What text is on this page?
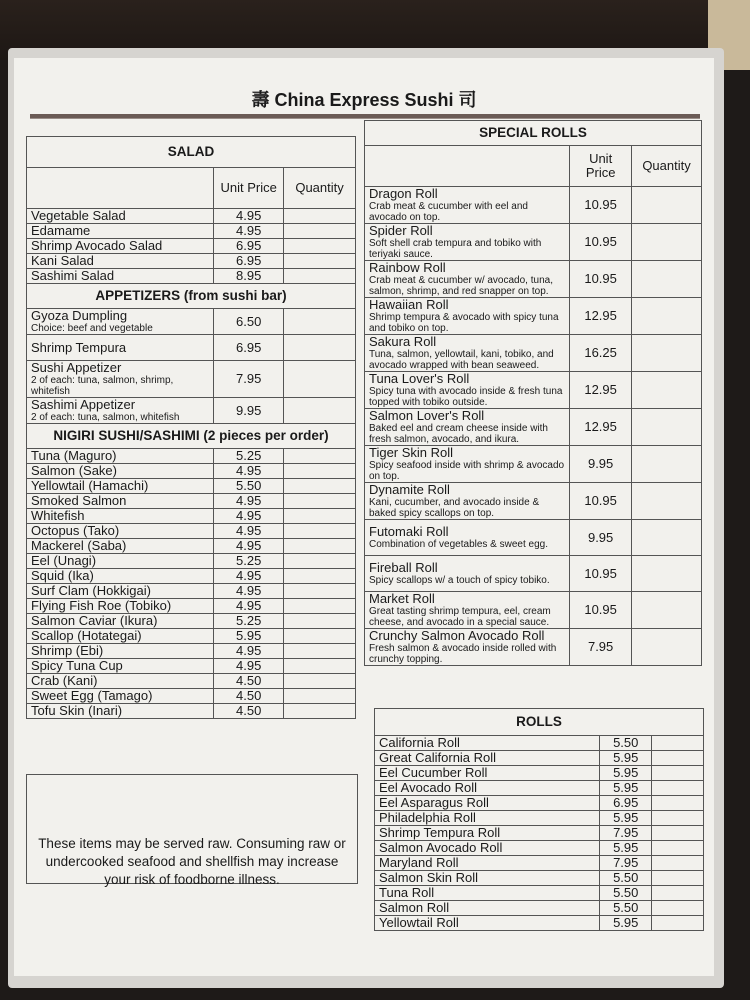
壽 China Express Sushi 司
SALAD		
	Unit Price	Quantity
Vegetable Salad	4.95	
Edamame	4.95	
Shrimp Avocado Salad	6.95	
Kani Salad	6.95	
Sashimi Salad	8.95	
APPETIZERS (from sushi bar)		
Gyoza Dumpling
Choice: beef and vegetable	6.50	
Shrimp Tempura	6.95	
Sushi Appetizer
2 of each: tuna, salmon, shrimp, whitefish	7.95	
Sashimi Appetizer
2 of each: tuna, salmon, whitefish	9.95	
NIGIRI SUSHI/SASHIMI (2 pieces per order)		
Tuna (Maguro)	5.25	
Salmon (Sake)	4.95	
Yellowtail (Hamachi)	5.50	
Smoked Salmon	4.95	
Whitefish	4.95	
Octopus (Tako)	4.95	
Mackerel (Saba)	4.95	
Eel (Unagi)	5.25	
Squid (Ika)	4.95	
Surf Clam (Hokkigai)	4.95	
Flying Fish Roe (Tobiko)	4.95	
Salmon Caviar (Ikura)	5.25	
Scallop (Hotategai)	5.95	
Shrimp (Ebi)	4.95	
Spicy Tuna Cup	4.95	
Crab (Kani)	4.50	
Sweet Egg (Tamago)	4.50	
Tofu Skin (Inari)	4.50	

These items may be served raw. Consuming raw or undercooked seafood and shellfish may increase your risk of foodborne illness.

SPECIAL ROLLS		
	Unit Price	Quantity
Dragon Roll
Crab meat & cucumber with eel and avocado on top.	10.95	
Spider Roll
Soft shell crab tempura and tobiko with teriyaki sauce.	10.95	
Rainbow Roll
Crab meat & cucumber w/ avocado, tuna, salmon, shrimp, and red snapper on top.	10.95	
Hawaiian Roll
Shrimp tempura & avocado with spicy tuna and tobiko on top.	12.95	
Sakura Roll
Tuna, salmon, yellowtail, kani, tobiko, and avocado wrapped with bean seaweed.	16.25	
Tuna Lover's Roll
Spicy tuna with avocado inside & fresh tuna topped with tobiko outside.	12.95	
Salmon Lover's Roll
Baked eel and cream cheese inside with fresh salmon, avocado, and ikura.	12.95	
Tiger Skin Roll
Spicy seafood inside with shrimp & avocado on top.	9.95	
Dynamite Roll
Kani, cucumber, and avocado inside & baked spicy scallops on top.	10.95	
Futomaki Roll
Combination of vegetables & sweet egg.	9.95	
Fireball Roll
Spicy scallops w/ a touch of spicy tobiko.	10.95	
Market Roll
Great tasting shrimp tempura, eel, cream cheese, and avocado in a special sauce.	10.95	
Crunchy Salmon Avocado Roll
Fresh salmon & avocado inside rolled with crunchy topping.	7.95	
ROLLS		
California Roll	5.50	
Great California Roll	5.95	
Eel Cucumber Roll	5.95	
Eel Avocado Roll	5.95	
Eel Asparagus Roll	6.95	
Philadelphia Roll	5.95	
Shrimp Tempura Roll	7.95	
Salmon Avocado Roll	5.95	
Maryland Roll	7.95	
Salmon Skin Roll	5.50	
Tuna Roll	5.50	
Salmon Roll	5.50	
Yellowtail Roll	5.95	
